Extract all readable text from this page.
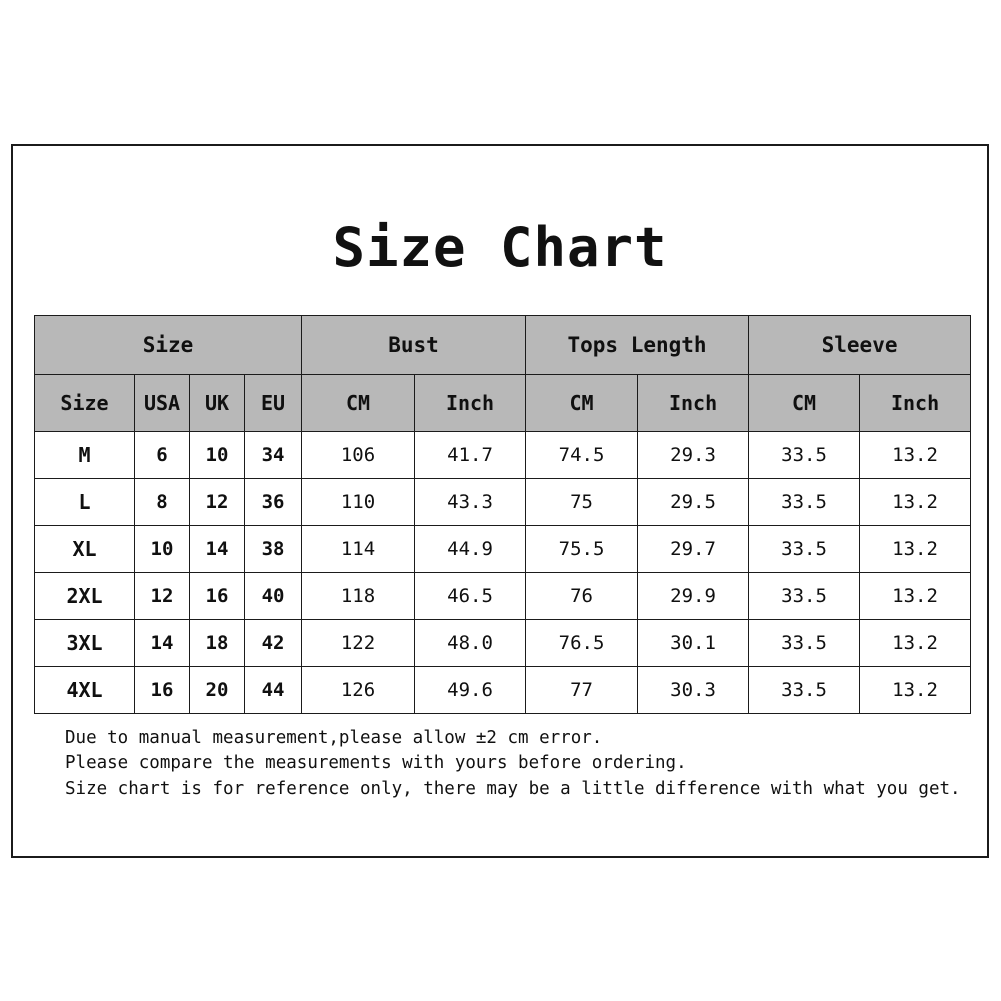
Size Chart
Size				Bust		Tops Length		Sleeve	
Size	USA	UK	EU	CM	Inch	CM	Inch	CM	Inch
M	6	10	34	106	41.7	74.5	29.3	33.5	13.2
L	8	12	36	110	43.3	75	29.5	33.5	13.2
XL	10	14	38	114	44.9	75.5	29.7	33.5	13.2
2XL	12	16	40	118	46.5	76	29.9	33.5	13.2
3XL	14	18	42	122	48.0	76.5	30.1	33.5	13.2
4XL	16	20	44	126	49.6	77	30.3	33.5	13.2
Due to manual measurement,please allow ±2 cm error.
Please compare the measurements with yours before ordering.
Size chart is for reference only, there may be a little difference with what you get.
